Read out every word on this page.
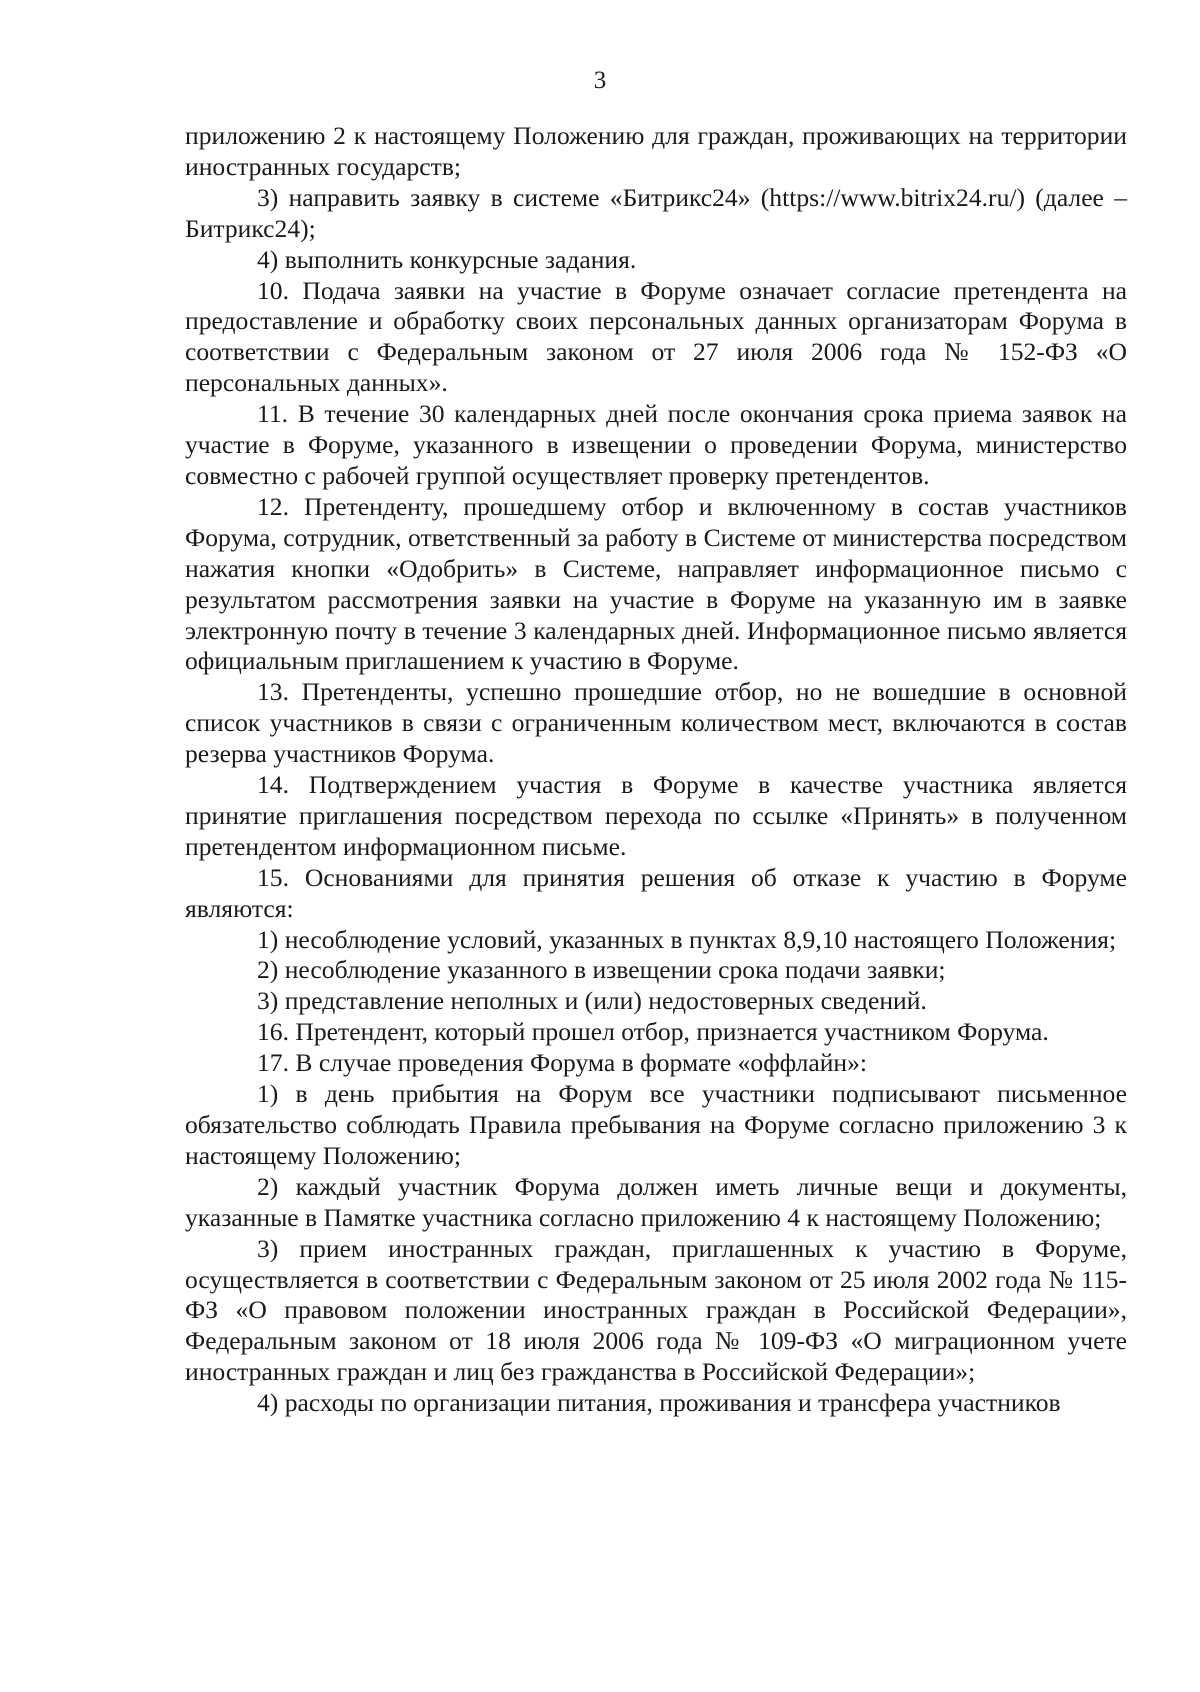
3

приложению 2 к настоящему Положению для граждан, проживающих на территории иностранных государств;

3) направить заявку в системе «Битрикс24» (https://www.bitrix24.ru/) (далее – Битрикс24);

4) выполнить конкурсные задания.

10. Подача заявки на участие в Форуме означает согласие претендента на предоставление и обработку своих персональных данных организаторам Форума в соответствии с Федеральным законом от 27 июля 2006 года № 152-ФЗ «О персональных данных».

11. В течение 30 календарных дней после окончания срока приема заявок на участие в Форуме, указанного в извещении о проведении Форума, министерство совместно с рабочей группой осуществляет проверку претендентов.

12. Претенденту, прошедшему отбор и включенному в состав участников Форума, сотрудник, ответственный за работу в Системе от министерства посредством нажатия кнопки «Одобрить» в Системе, направляет информационное письмо с результатом рассмотрения заявки на участие в Форуме на указанную им в заявке электронную почту в течение 3 календарных дней. Информационное письмо является официальным приглашением к участию в Форуме.

13. Претенденты, успешно прошедшие отбор, но не вошедшие в основной список участников в связи с ограниченным количеством мест, включаются в состав резерва участников Форума.

14. Подтверждением участия в Форуме в качестве участника является принятие приглашения посредством перехода по ссылке «Принять» в полученном претендентом информационном письме.

15. Основаниями для принятия решения об отказе к участию в Форуме являются:

1) несоблюдение условий, указанных в пунктах 8,9,10 настоящего Положения;

2) несоблюдение указанного в извещении срока подачи заявки;

3) представление неполных и (или) недостоверных сведений.

16. Претендент, который прошел отбор, признается участником Форума.

17. В случае проведения Форума в формате «оффлайн»:

1) в день прибытия на Форум все участники подписывают письменное обязательство соблюдать Правила пребывания на Форуме согласно приложению 3 к настоящему Положению;

2) каждый участник Форума должен иметь личные вещи и документы, указанные в Памятке участника согласно приложению 4 к настоящему Положению;

3) прием иностранных граждан, приглашенных к участию в Форуме, осуществляется в соответствии с Федеральным законом от 25 июля 2002 года № 115-ФЗ «О правовом положении иностранных граждан в Российской Федерации», Федеральным законом от 18 июля 2006 года № 109-ФЗ «О миграционном учете иностранных граждан и лиц без гражданства в Российской Федерации»;

4) расходы по организации питания, проживания и трансфера участников
